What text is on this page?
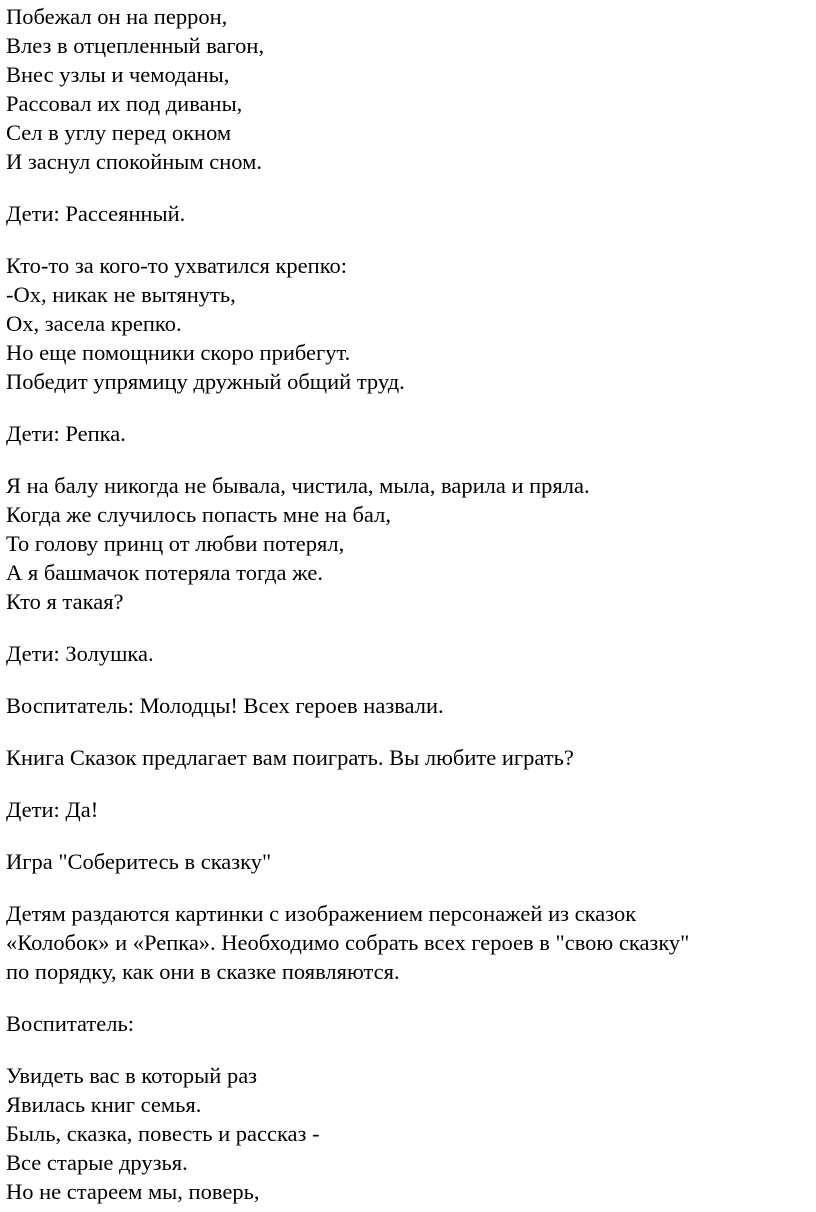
Побежал он на перрон,
Влез в отцепленный вагон,
Внес узлы и чемоданы,
Рассовал их под диваны,
Сел в углу перед окном
И заснул спокойным сном.
Дети: Рассеянный.
Кто-то за кого-то ухватился крепко:
-Ох, никак не вытянуть,
Ох, засела крепко.
Но еще помощники скоро прибегут.
Победит упрямицу дружный общий труд.
Дети: Репка.
Я на балу никогда не бывала, чистила, мыла, варила и пряла.
Когда же случилось попасть мне на бал,
То голову принц от любви потерял,
А я башмачок потеряла тогда же.
Кто я такая?
Дети: Золушка.
Воспитатель: Молодцы! Всех героев назвали.
Книга Сказок предлагает вам поиграть. Вы любите играть?
Дети: Да!
Игра "Соберитесь в сказку"
Детям раздаются картинки с изображением персонажей из сказок
«Колобок» и «Репка». Необходимо собрать всех героев в "свою сказку"
по порядку, как они в сказке появляются.
Воспитатель:
Увидеть вас в который раз
Явилась книг семья.
Быль, сказка, повесть и рассказ -
Все старые друзья.
Но не стареем мы, поверь,
